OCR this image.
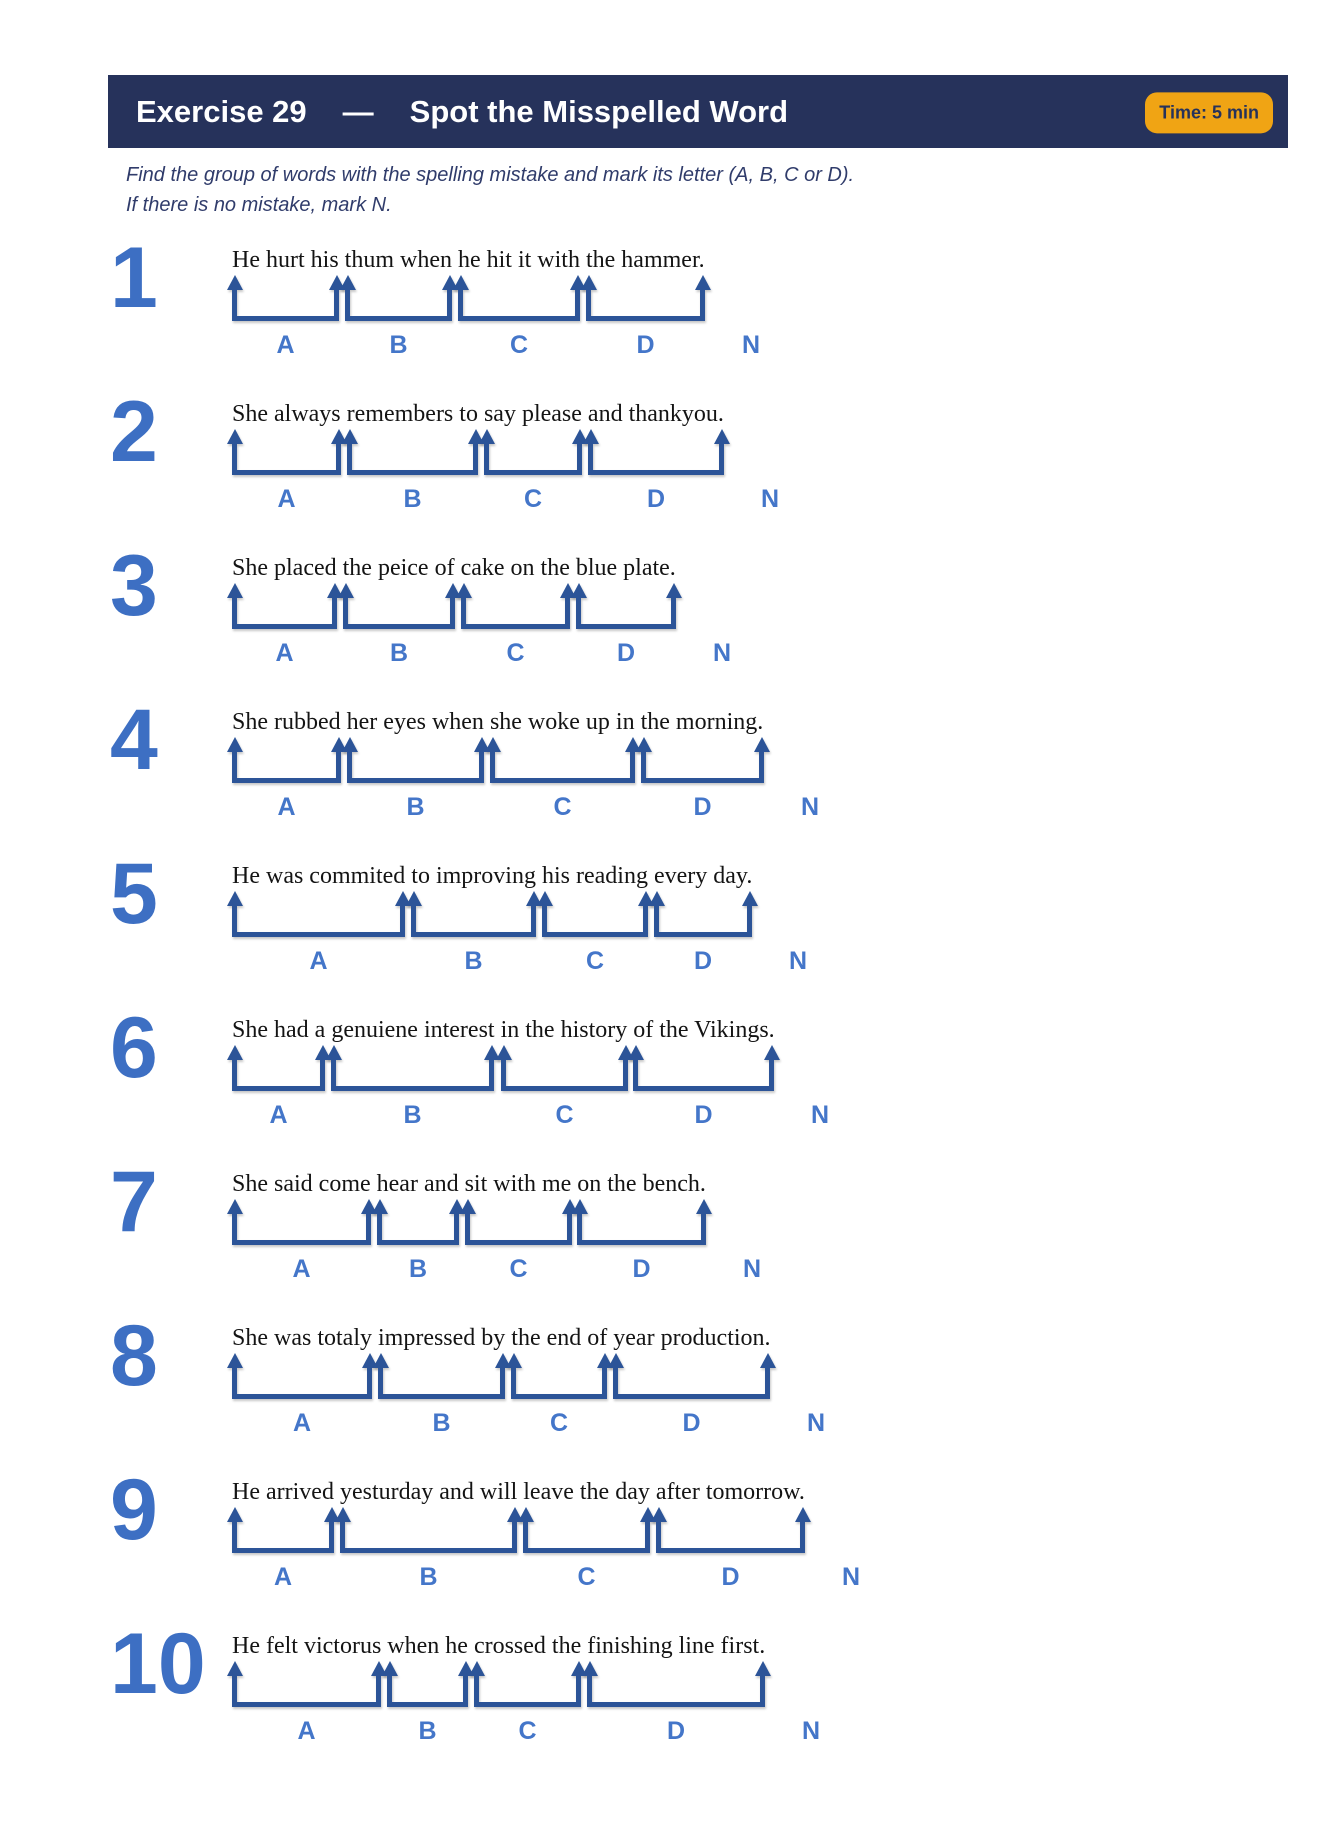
Exercise 29 — Spot the Misspelled Word	Time: 5 min
Find the group of words with the spelling mistake and mark its letter (A, B, C or D).
If there is no mistake, mark N.
1	He hurt his thum when he hit it with the hammer.
A	B	C	D	N
2	She always remembers to say please and thankyou.
A	B	C	D	N
3	She placed the peice of cake on the blue plate.
A	B	C	D	N
4	She rubbed her eyes when she woke up in the morning.
A	B	C	D	N
5	He was commited to improving his reading every day.
A	B	C	D	N
6	She had a genuiene interest in the history of the Vikings.
A	B	C	D	N
7	She said come hear and sit with me on the bench.
A	B	C	D	N
8	She was totaly impressed by the end of year production.
A	B	C	D	N
9	He arrived yesturday and will leave the day after tomorrow.
A	B	C	D	N
10 He felt victorus when he crossed the finishing line first.
A	B	C	D	N
